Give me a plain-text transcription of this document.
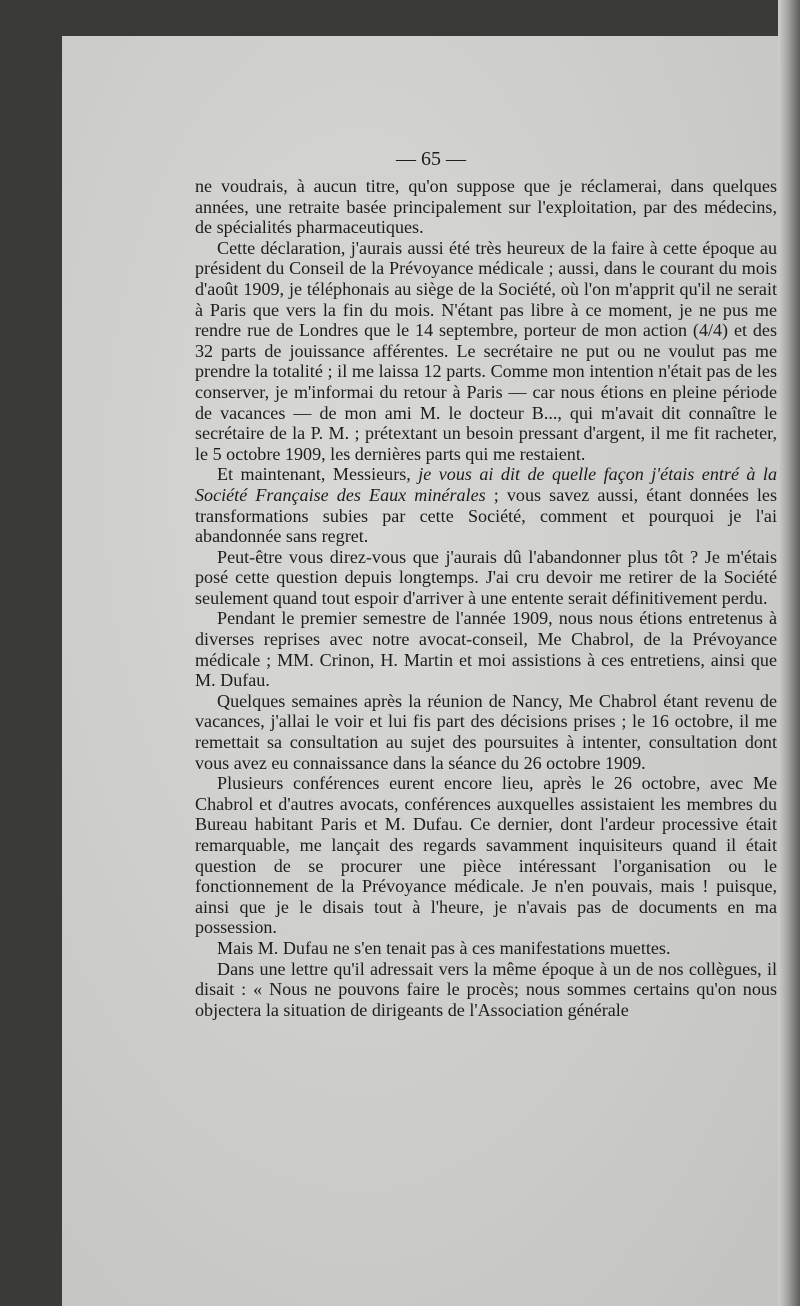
— 65 —

ne voudrais, à aucun titre, qu'on suppose que je réclamerai, dans quelques années, une retraite basée principalement sur l'exploitation, par des médecins, de spécialités pharmaceutiques.

Cette déclaration, j'aurais aussi été très heureux de la faire à cette époque au président du Conseil de la Prévoyance médicale ; aussi, dans le courant du mois d'août 1909, je téléphonais au siège de la Société, où l'on m'apprit qu'il ne serait à Paris que vers la fin du mois. N'étant pas libre à ce moment, je ne pus me rendre rue de Londres que le 14 septembre, porteur de mon action (4/4) et des 32 parts de jouissance afférentes. Le secrétaire ne put ou ne voulut pas me prendre la totalité ; il me laissa 12 parts. Comme mon intention n'était pas de les conserver, je m'informai du retour à Paris — car nous étions en pleine période de vacances — de mon ami M. le docteur B..., qui m'avait dit connaître le secrétaire de la P. M. ; prétextant un besoin pressant d'argent, il me fit racheter, le 5 octobre 1909, les dernières parts qui me restaient.

Et maintenant, Messieurs, je vous ai dit de quelle façon j'étais entré à la Société Française des Eaux minérales ; vous savez aussi, étant données les transformations subies par cette Société, comment et pourquoi je l'ai abandonnée sans regret.

Peut-être vous direz-vous que j'aurais dû l'abandonner plus tôt ? Je m'étais posé cette question depuis longtemps. J'ai cru devoir me retirer de la Société seulement quand tout espoir d'arriver à une entente serait définitivement perdu.

Pendant le premier semestre de l'année 1909, nous nous étions entretenus à diverses reprises avec notre avocat-conseil, Me Chabrol, de la Prévoyance médicale ; MM. Crinon, H. Martin et moi assistions à ces entretiens, ainsi que M. Dufau.

Quelques semaines après la réunion de Nancy, Me Chabrol étant revenu de vacances, j'allai le voir et lui fis part des décisions prises ; le 16 octobre, il me remettait sa consultation au sujet des poursuites à intenter, consultation dont vous avez eu connaissance dans la séance du 26 octobre 1909.

Plusieurs conférences eurent encore lieu, après le 26 octobre, avec Me Chabrol et d'autres avocats, conférences auxquelles assistaient les membres du Bureau habitant Paris et M. Dufau. Ce dernier, dont l'ardeur processive était remarquable, me lançait des regards savamment inquisiteurs quand il était question de se procurer une pièce intéressant l'organisation ou le fonctionnement de la Prévoyance médicale. Je n'en pouvais, mais ! puisque, ainsi que je le disais tout à l'heure, je n'avais pas de documents en ma possession.

Mais M. Dufau ne s'en tenait pas à ces manifestations muettes.

Dans une lettre qu'il adressait vers la même époque à un de nos collègues, il disait : « Nous ne pouvons faire le procès; nous sommes certains qu'on nous objectera la situation de dirigeants de l'Association générale
